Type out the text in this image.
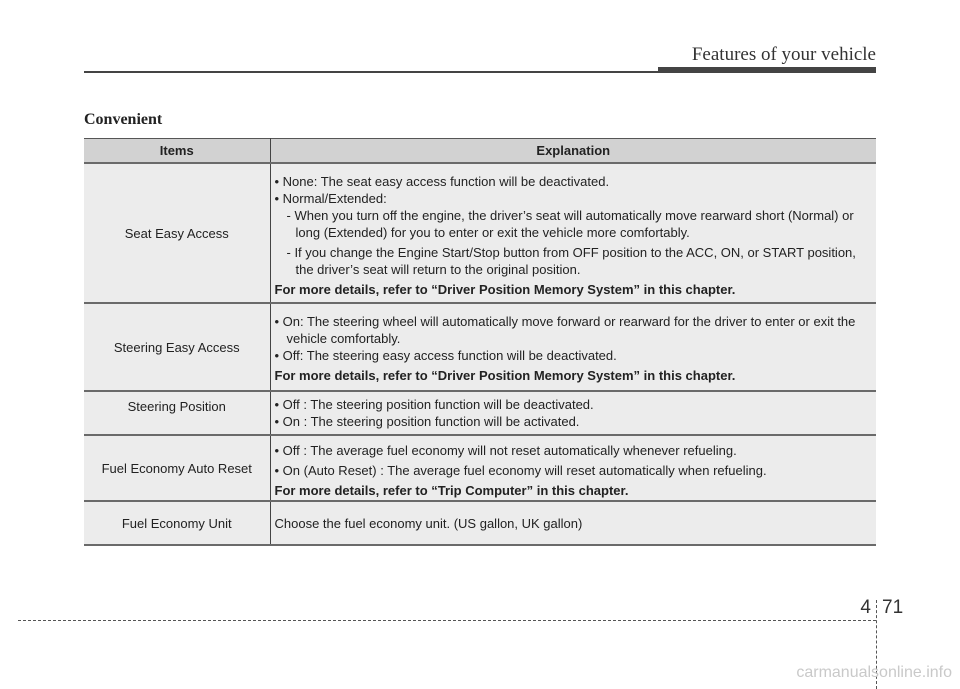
Features of your vehicle
Convenient
Items	Explanation
Seat Easy Access	• None: The seat easy access function will be deactivated.
• Normal/Extended:
- When you turn off the engine, the driver’s seat will automatically move rearward short (Normal) or long (Extended) for you to enter or exit the vehicle more comfortably.
- If you change the Engine Start/Stop button from OFF position to the ACC, ON, or START position, the driver’s seat will return to the original position.
For more details, refer to “Driver Position Memory System” in this chapter.

Steering Easy Access	• On: The steering wheel will automatically move forward or rearward for the driver to enter or exit the vehicle comfortably.
• Off: The steering easy access function will be deactivated.
For more details, refer to “Driver Position Memory System” in this chapter.

Steering Position	• Off : The steering position function will be deactivated.
• On : The steering position function will be activated.

Fuel Economy Auto Reset	• Off : The average fuel economy will not reset automatically whenever refueling.
• On (Auto Reset) : The average fuel economy will reset automatically when refueling.
For more details, refer to “Trip Computer” in this chapter.

Fuel Economy Unit	Choose the fuel economy unit. (US gallon, UK gallon)
4 71
carmanualsonline.info
